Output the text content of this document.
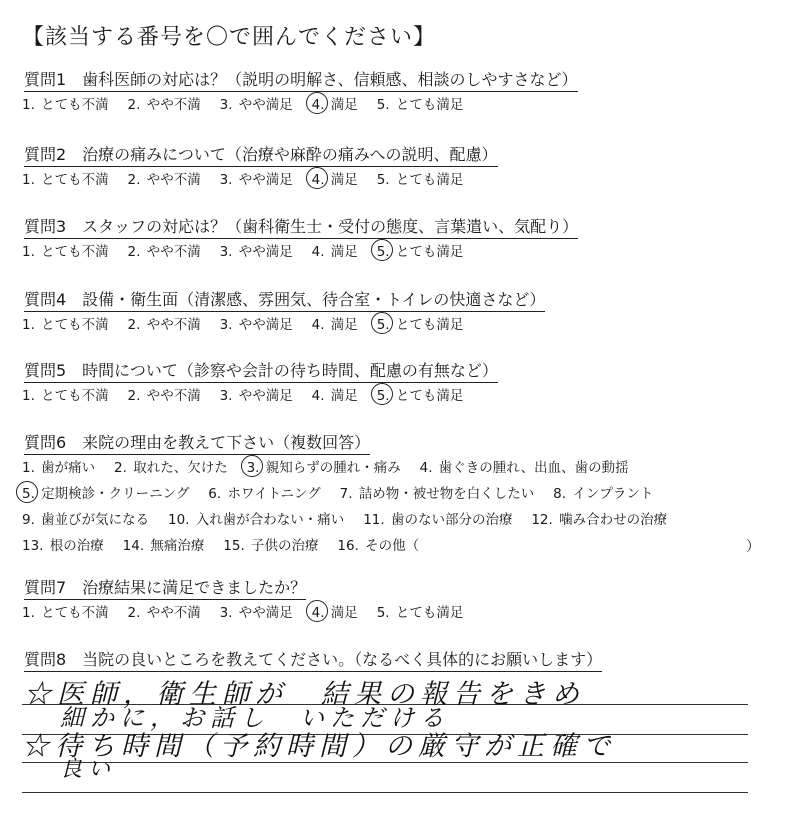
【該当する番号を〇で囲んでください】
質問1　歯科医師の対応は？（説明の明解さ、信頼感、相談のしやすさなど）
1. とても不満 2. やや不満 3. やや満足 4. 満足 5. とても満足
質問2　治療の痛みについて（治療や麻酔の痛みへの説明、配慮）
1. とても不満 2. やや不満 3. やや満足 4. 満足 5. とても満足
質問3　スタッフの対応は？（歯科衛生士・受付の態度、言葉遣い、気配り）
1. とても不満 2. やや不満 3. やや満足 4. 満足 5. とても満足
質問4　設備・衛生面（清潔感、雰囲気、待合室・トイレの快適さなど）
1. とても不満 2. やや不満 3. やや満足 4. 満足 5. とても満足
質問5　時間について（診察や会計の待ち時間、配慮の有無など）
1. とても不満 2. やや不満 3. やや満足 4. 満足 5. とても満足
質問6　来院の理由を教えて下さい（複数回答）
1. 歯が痛い 2. 取れた、欠けた 3. 親知らずの腫れ・痛み 4. 歯ぐきの腫れ、出血、歯の動揺
5. 定期検診・クリーニング 6. ホワイトニング 7. 詰め物・被せ物を白くしたい 8. インプラント
9. 歯並びが気になる 10. 入れ歯が合わない・痛い 11. 歯のない部分の治療 12. 噛み合わせの治療
13. 根の治療 14. 無痛治療 15. 子供の治療 16. その他（	）
質問7　治療結果に満足できましたか？
1. とても不満 2. やや不満 3. やや満足 4. 満足 5. とても満足
質問8　当院の良いところを教えてください。（なるべく具体的にお願いします）
☆医師，衛生師が　結果の報告をきめ
細かに，お話し　いただける
☆待ち時間（予約時間）の厳守が正確で
良い
